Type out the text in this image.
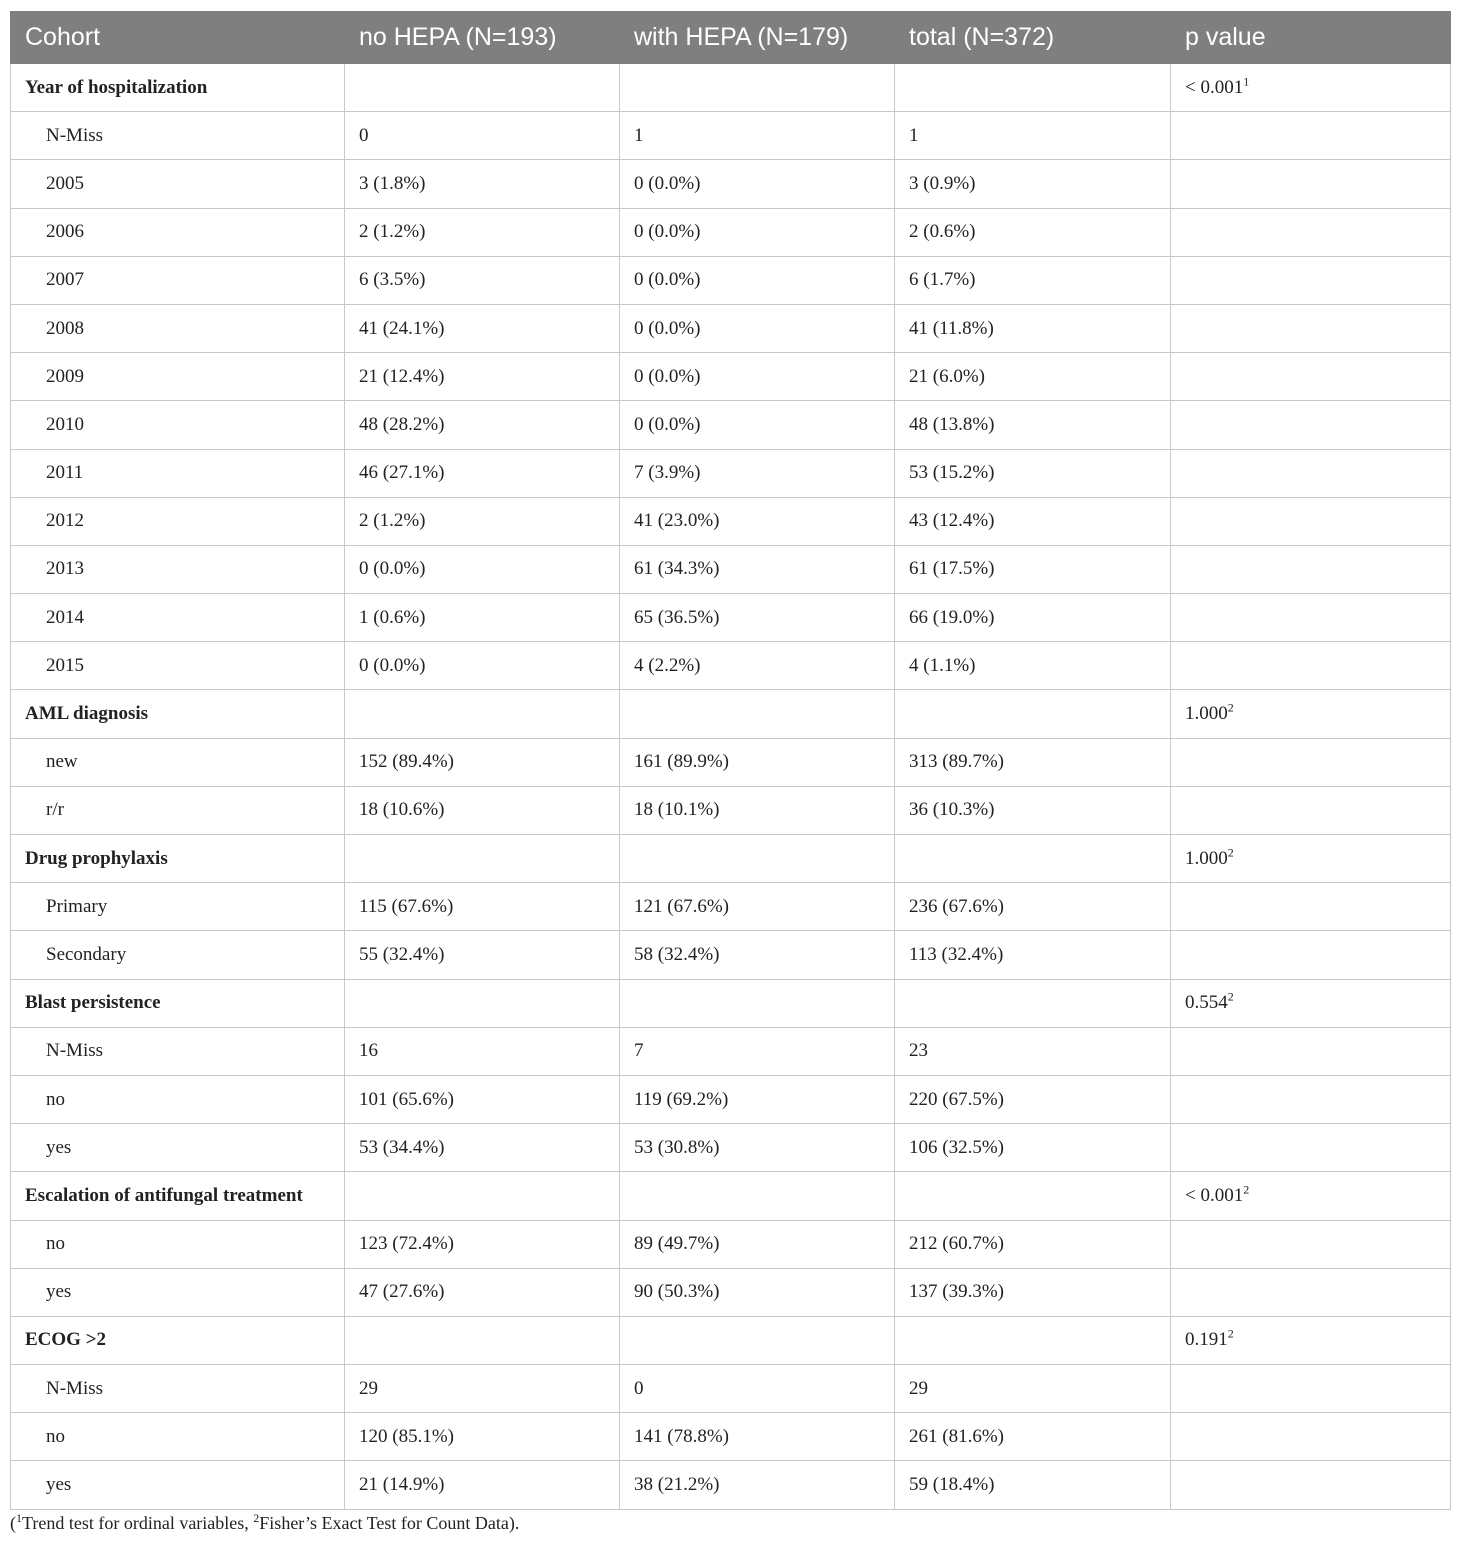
Cohort	no HEPA (N=193)	with HEPA (N=179)	total (N=372)	p value
Year of hospitalization				< $0.001^1$
N-Miss	0	1	1	
2005	3 (1.8%)	0 (0.0%)	3 (0.9%)	
2006	2 (1.2%)	0 (0.0%)	2 (0.6%)	
2007	6 (3.5%)	0 (0.0%)	6 (1.7%)	
2008	41 (24.1%)	0 (0.0%)	41 (11.8%)	
2009	21 (12.4%)	0 (0.0%)	21 (6.0%)	
2010	48 (28.2%)	0 (0.0%)	48 (13.8%)	
2011	46 (27.1%)	7 (3.9%)	53 (15.2%)	
2012	2 (1.2%)	41 (23.0%)	43 (12.4%)	
2013	0 (0.0%)	61 (34.3%)	61 (17.5%)	
2014	1 (0.6%)	65 (36.5%)	66 (19.0%)	
2015	0 (0.0%)	4 (2.2%)	4 (1.1%)	
AML diagnosis				1.000$^2$
new	152 (89.4%)	161 (89.9%)	313 (89.7%)	
r/r	18 (10.6%)	18 (10.1%)	36 (10.3%)	
Drug prophylaxis				1.000$^2$
Primary	115 (67.6%)	121 (67.6%)	236 (67.6%)	
Secondary	55 (32.4%)	58 (32.4%)	113 (32.4%)	
Blast persistence				0.554$^2$
N-Miss	16	7	23	
no	101 (65.6%)	119 (69.2%)	220 (67.5%)	
yes	53 (34.4%)	53 (30.8%)	106 (32.5%)	
Escalation of antifungal treatment				< $0.001^2$
no	123 (72.4%)	89 (49.7%)	212 (60.7%)	
yes	47 (27.6%)	90 (50.3%)	137 (39.3%)	
ECOG >2				0.191$^2$
N-Miss	29	0	29	
no	120 (85.1%)	141 (78.8%)	261 (81.6%)	
yes	21 (14.9%)	38 (21.2%)	59 (18.4%)	
($^1$Trend test for ordinal variables, $^2$Fisher’s Exact Test for Count Data).
